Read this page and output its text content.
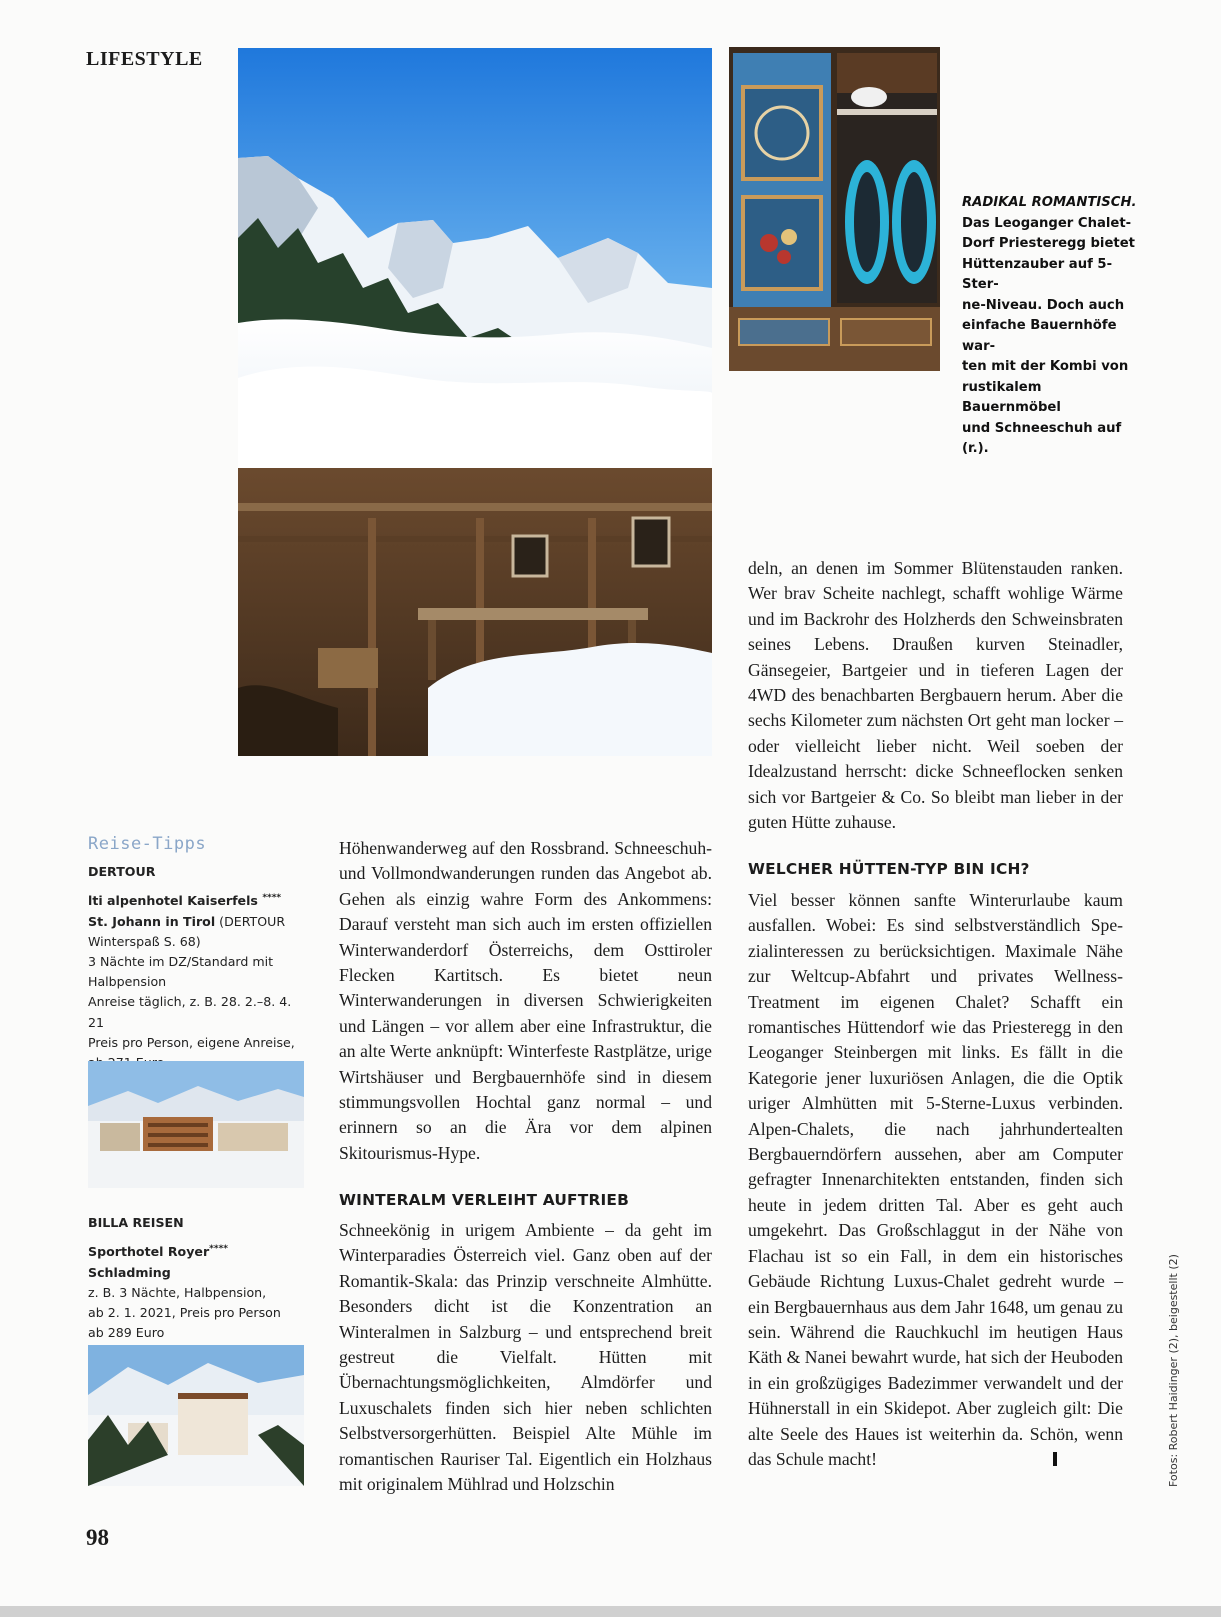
LIFESTYLE
RADIKAL ROMANTISCH.
Das Leoganger Chalet-
Dorf Priesteregg bietet
Hüttenzauber auf 5-Ster-
ne-Niveau. Doch auch
einfache Bauernhöfe war-
ten mit der Kombi von
rustikalem Bauernmöbel
und Schneeschuh auf (r.).
Reise-Tipps
DERTOUR
lti alpenhotel Kaiserfels ****
St. Johann in Tirol (DERTOUR
Winterspaß S. 68)
3 Nächte im DZ/Standard mit
Halbpension
Anreise täglich, z. B. 28. 2.–8. 4. 21
Preis pro Person, eigene Anreise,
BILLA REISEN
Sporthotel Royer****
Schladming
z. B. 3 Nächte, Halbpension,
ab 2. 1. 2021, Preis pro Person
ab 289 Euro
Höhenwanderweg auf den Rossbrand. Schneeschuh- und Vollmondwanderungen runden das Angebot ab. Gehen als einzig wahre Form des Ankommens: Darauf versteht man sich auch im ersten offiziellen Winterwanderdorf Österreichs, dem Osttiroler Flecken Kartitsch. Es bietet neun Winterwanderungen in diversen Schwierigkeiten und Längen – vor allem aber eine Infrastruktur, die an alte Werte anknüpft: Winterfeste Rastplätze, urige Wirtshäuser und Bergbauernhöfe sind in diesem stimmungsvollen Hochtal ganz normal – und erinnern so an die Ära vor dem alpinen Skitourismus-Hype.
WINTERALM VERLEIHT AUFTRIEB
Schneekönig in urigem Ambiente – da geht im Winterparadies Österreich viel. Ganz oben auf der Romantik-Skala: das Prinzip verschneite Almhütte. Besonders dicht ist die Konzentration an Winteralmen in Salzburg – und entsprechend breit gestreut die Vielfalt. Hütten mit Übernachtungsmöglichkeiten, Almdörfer und Luxuschalets finden sich hier neben schlichten Selbstversorgerhütten. Beispiel Alte Mühle im romantischen Rauriser Tal. Eigentlich ein Holzhaus mit originalem Mühlrad und Holzschin
deln, an denen im Sommer Blütenstauden ranken. Wer brav Scheite nachlegt, schafft wohlige Wärme und im Backrohr des Holzherds den Schweinsbraten seines Lebens. Draußen kurven Steinadler, Gänsegeier, Bartgeier und in tieferen Lagen der 4WD des benachbarten Bergbauern herum. Aber die sechs Kilometer zum nächsten Ort geht man locker – oder vielleicht lieber nicht. Weil soeben der Idealzustand herrscht: dicke Schneeflocken senken sich vor Bartgeier & Co. So bleibt man lieber in der guten Hütte zuhause.
WELCHER HÜTTEN-TYP BIN ICH?
Viel besser können sanfte Winterurlaube kaum ausfallen. Wobei: Es sind selbstverständlich Spezialinteressen zu berücksichtigen. Maximale Nähe zur Weltcup-Abfahrt und privates Wellness-Treatment im eigenen Chalet? Schafft ein romantisches Hüttendorf wie das Priesteregg in den Leoganger Steinbergen mit links. Es fällt in die Kategorie jener luxuriösen Anlagen, die die Optik uriger Almhütten mit 5-Sterne-Luxus verbinden. Alpen-Chalets, die nach jahrhundertealten Bergbauerndörfern aussehen, aber am Computer gefragter Innenarchitekten entstanden, finden sich heute in jedem dritten Tal. Aber es geht auch umgekehrt. Das Großschlaggut in der Nähe von Flachau ist so ein Fall, in dem ein historisches Gebäude Richtung Luxus-Chalet gedreht wurde – ein Bergbauernhaus aus dem Jahr 1648, um genau zu sein. Während die Rauchkuchl im heutigen Haus Käth & Nanei bewahrt wurde, hat sich der Heuboden in ein großzügiges Badezimmer verwandelt und der Hühnerstall in ein Skidepot. Aber zugleich gilt: Die alte Seele des Haues ist weiterhin da. Schön, wenn das Schule macht!
98
Fotos: Robert Haidinger (2), beigestellt (2)
